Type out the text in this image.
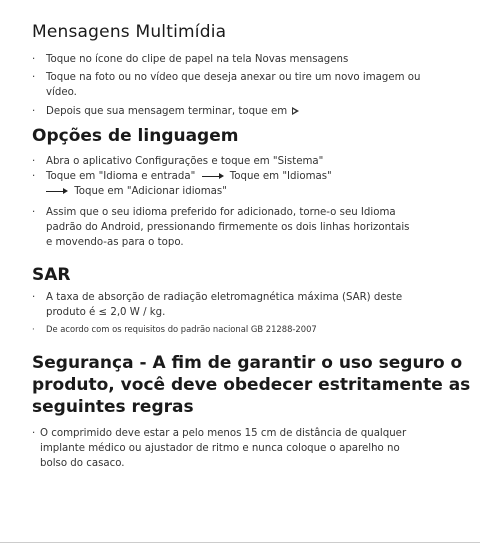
Mensagens Multimídia
·	Toque no ícone do clipe de papel na tela Novas mensagens
·	Toque na foto ou no vídeo que deseja anexar ou tire um novo imagem ou
vídeo.
·	Depois que sua mensagem terminar, toque em
Opções de linguagem
·	Abra o aplicativo Configurações e toque em "Sistema"
·	Toque em "Idioma e entrada"	Toque em "Idiomas"
Toque em "Adicionar idiomas"
·	Assim que o seu idioma preferido for adicionado, torne-o seu Idioma
padrão do Android, pressionando firmemente os dois linhas horizontais
e movendo-as para o topo.
SAR
·	A taxa de absorção de radiação eletromagnética máxima (SAR) deste
produto é ≤ 2,0 W / kg.
·	De acordo com os requisitos do padrão nacional GB 21288-2007
Segurança - A fim de garantir o uso seguro o
produto, você deve obedecer estritamente as
seguintes regras
· O comprimido deve estar a pelo menos 15 cm de distância de qualquer
implante médico ou ajustador de ritmo e nunca coloque o aparelho no
bolso do casaco.
